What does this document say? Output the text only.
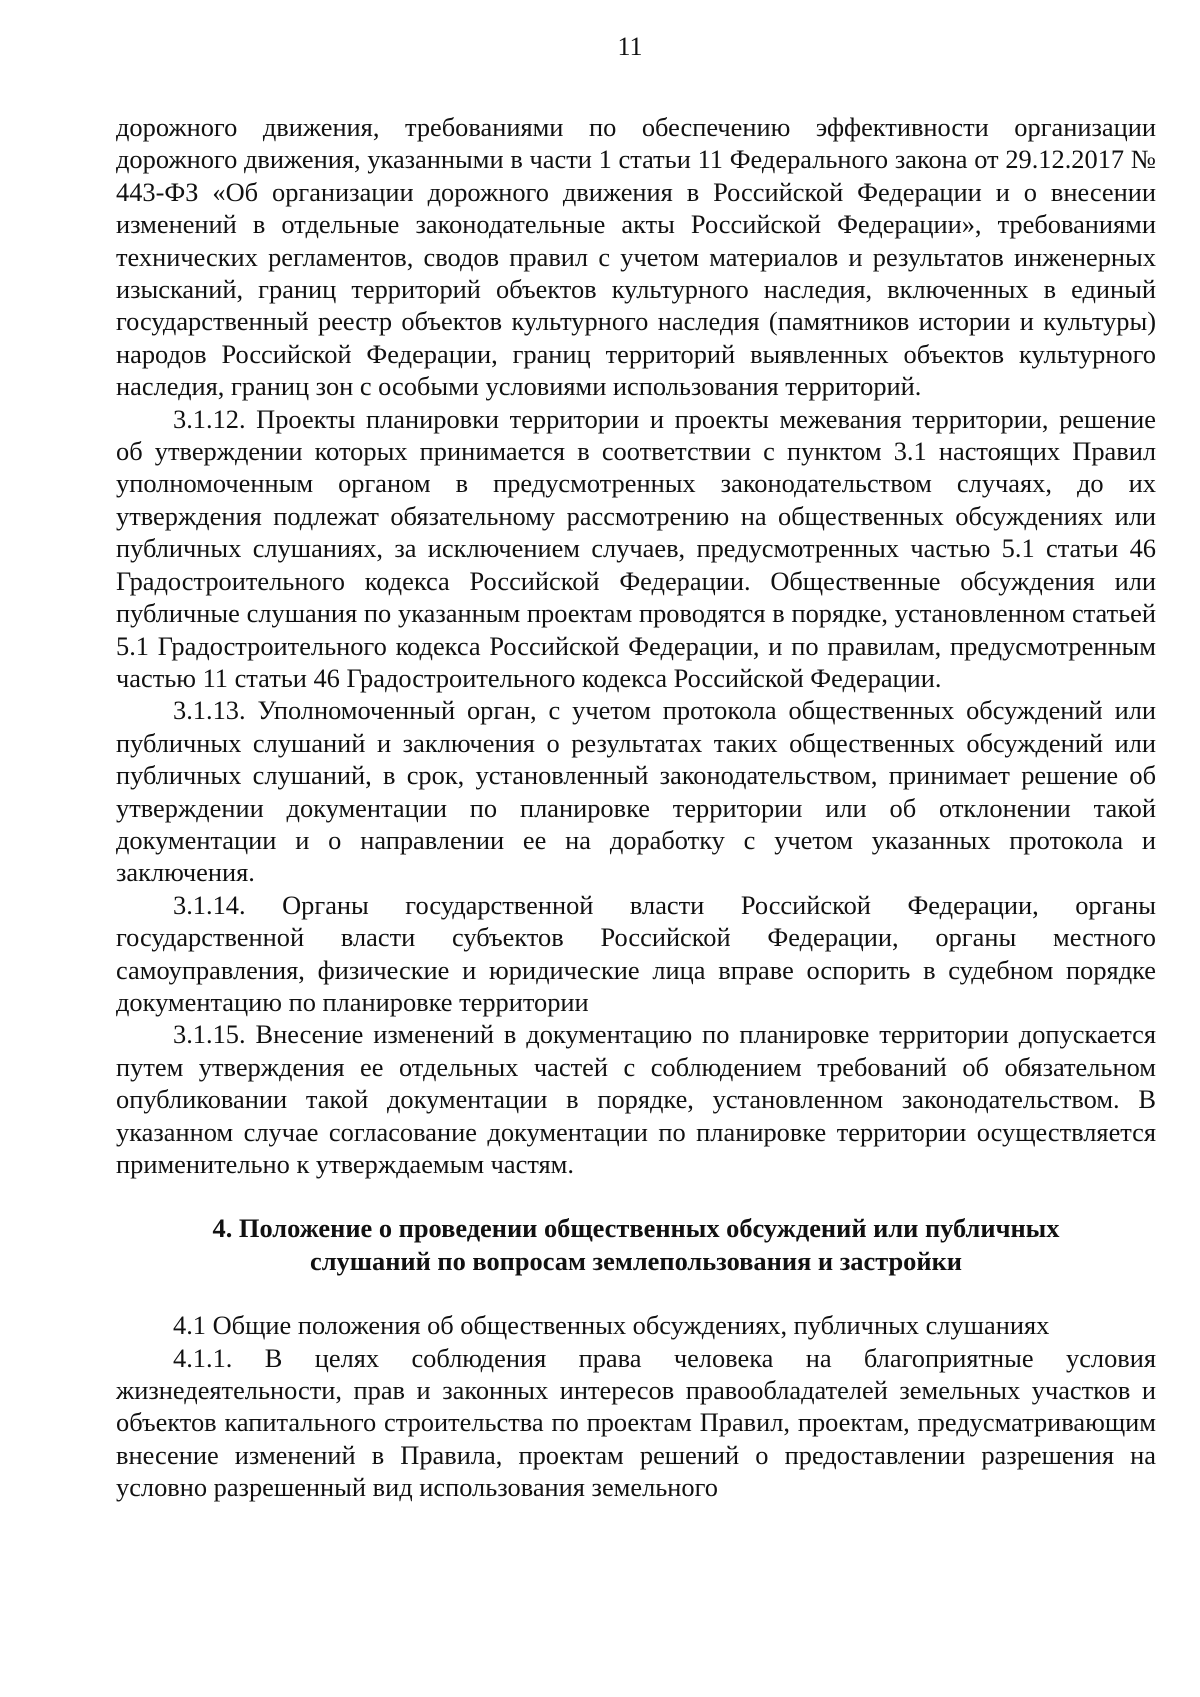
11

дорожного движения, требованиями по обеспечению эффективности организации дорожного движения, указанными в части 1 статьи 11 Федерального закона от 29.12.2017 № 443-ФЗ «Об организации дорожного движения в Российской Федерации и о внесении изменений в отдельные законодательные акты Российской Федерации», требованиями технических регламентов, сводов правил с учетом материалов и результатов инженерных изысканий, границ территорий объектов культурного наследия, включенных в единый государственный реестр объектов культурного наследия (памятников истории и культуры) народов Российской Федерации, границ территорий выявленных объектов культурного наследия, границ зон с особыми условиями использования территорий.

3.1.12. Проекты планировки территории и проекты межевания территории, решение об утверждении которых принимается в соответствии с пунктом 3.1 настоящих Правил уполномоченным органом в предусмотренных законодательством случаях, до их утверждения подлежат обязательному рассмотрению на общественных обсуждениях или публичных слушаниях, за исключением случаев, предусмотренных частью 5.1 статьи 46 Градостроительного кодекса Российской Федерации. Общественные обсуждения или публичные слушания по указанным проектам проводятся в порядке, установленном статьей 5.1 Градостроительного кодекса Российской Федерации, и по правилам, предусмотренным частью 11 статьи 46 Градостроительного кодекса Российской Федерации.

3.1.13. Уполномоченный орган, с учетом протокола общественных обсуждений или публичных слушаний и заключения о результатах таких общественных обсуждений или публичных слушаний, в срок, установленный законодательством, принимает решение об утверждении документации по планировке территории или об отклонении такой документации и о направлении ее на доработку с учетом указанных протокола и заключения.

3.1.14. Органы государственной власти Российской Федерации, органы государственной власти субъектов Российской Федерации, органы местного самоуправления, физические и юридические лица вправе оспорить в судебном порядке документацию по планировке территории

3.1.15. Внесение изменений в документацию по планировке территории допускается путем утверждения ее отдельных частей с соблюдением требований об обязательном опубликовании такой документации в порядке, установленном законодательством. В указанном случае согласование документации по планировке территории осуществляется применительно к утверждаемым частям.

4. Положение о проведении общественных обсуждений или публичных
слушаний по вопросам землепользования и застройки

4.1 Общие положения об общественных обсуждениях, публичных слушаниях

4.1.1. В целях соблюдения права человека на благоприятные условия жизнедеятельности, прав и законных интересов правообладателей земельных участков и объектов капитального строительства по проектам Правил, проектам, предусматривающим внесение изменений в Правила, проектам решений о предоставлении разрешения на условно разрешенный вид использования земельного
